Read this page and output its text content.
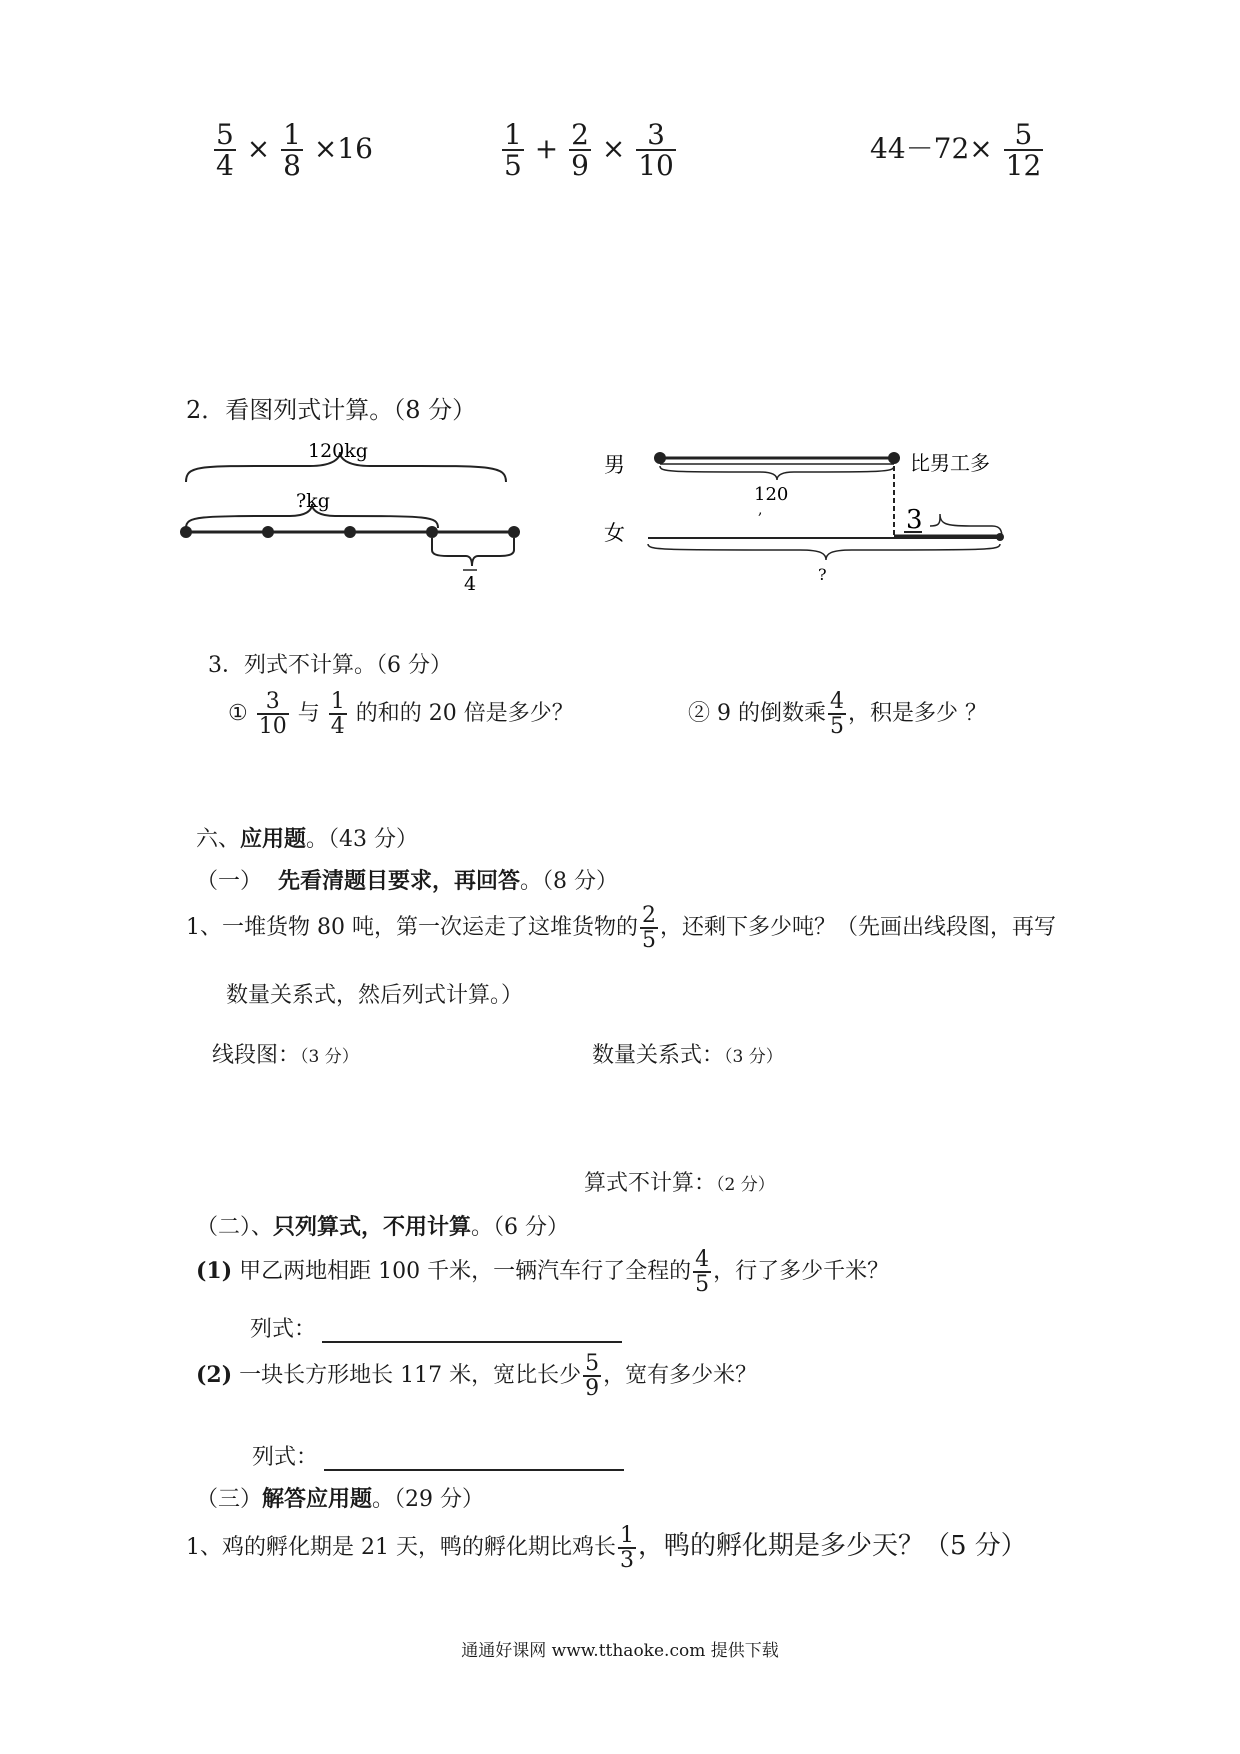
$\frac{5}{4} \times \frac{1}{8} \times 16$	$\frac{1}{5} + \frac{2}{9} \times \frac{3}{10}$	$44-72\times \frac{5}{12}$
2．看图列式计算。（8 分）
120kg
?kg
4
男
女
比男工多
120
,	3
?
3．列式不计算。（6 分）
① $\frac{3}{10}$ 与 $\frac{1}{4}$ 的和的 20 倍是多少？	② 9 的倒数乘 $\frac{4}{5}$ ，积是多少 ？
六、应用题。（43 分）
（一） 先看清题目要求，再回答。（8 分）
1、一堆货物 80 吨，第一次运走了这堆货物的 $\frac{2}{5}$ ，还剩下多少吨？（先画出线段图，再写
数量关系式，然后列式计算。）
线段图：（3 分）	数量关系式：（3 分）
算式不计算：（2 分）
（二）、只列算式，不用计算。（6 分）
(1) 甲乙两地相距 100 千米，一辆汽车行了全程的 $\frac{4}{5}$ ，行了多少千米？
列式：
(2) 一块长方形地长 117 米，宽比长少 $\frac{5}{9}$ ，宽有多少米？
列式：
（三）解答应用题。（29 分）
1、鸡的孵化期是 21 天，鸭的孵化期比鸡长 $\frac{1}{3}$ ，鸭的孵化期是多少天？（5 分）
通通好课网 www.tthaoke.com 提供下载
